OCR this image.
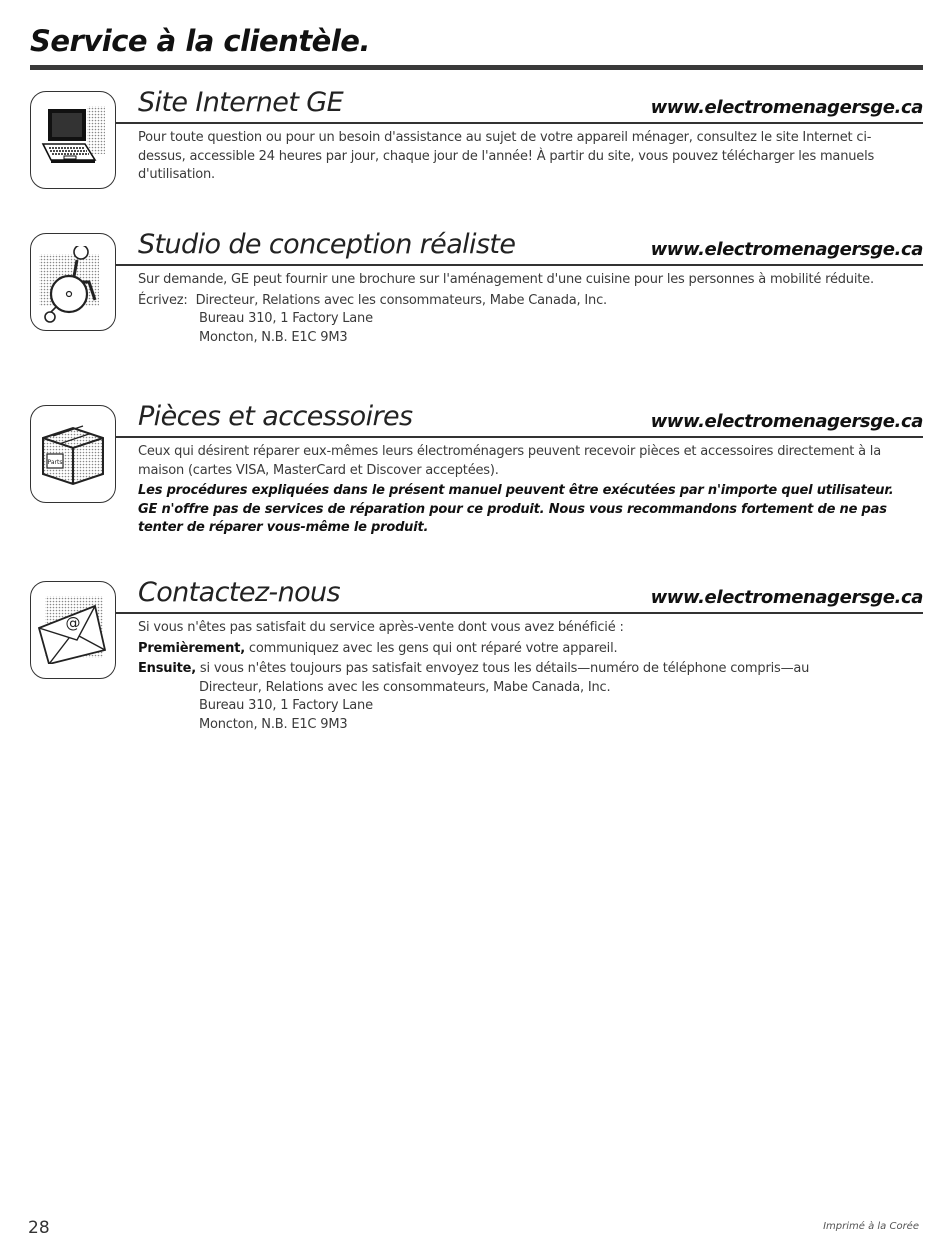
Service à la clientèle.
Site Internet GE	www.electromenagersge.ca

Pour toute question ou pour un besoin d'assistance au sujet de votre appareil ménager, consultez le site Internet ci-dessus, accessible 24 heures par jour, chaque jour de l'année! À partir du site, vous pouvez télécharger les manuels d'utilisation.

Studio de conception réaliste	www.electromenagersge.ca

Sur demande, GE peut fournir une brochure sur l'aménagement d'une cuisine pour les personnes à mobilité réduite.

Écrivez: Directeur, Relations avec les consommateurs, Mabe Canada, Inc.
Bureau 310, 1 Factory Lane
Moncton, N.B. E1C 9M3

Parts
Pièces et accessoires	www.electromenagersge.ca

Ceux qui désirent réparer eux-mêmes leurs électroménagers peuvent recevoir pièces et accessoires directement à la maison (cartes VISA, MasterCard et Discover acceptées).

Les procédures expliquées dans le présent manuel peuvent être exécutées par n'importe quel utilisateur. GE n'offre pas de services de réparation pour ce produit. Nous vous recommandons fortement de ne pas tenter de réparer vous-même le produit.

@
Contactez-nous	www.electromenagersge.ca

Si vous n'êtes pas satisfait du service après-vente dont vous avez bénéficié :

Premièrement, communiquez avec les gens qui ont réparé votre appareil.

Ensuite, si vous n'êtes toujours pas satisfait envoyez tous les détails—numéro de téléphone compris—au
Directeur, Relations avec les consommateurs, Mabe Canada, Inc.
Bureau 310, 1 Factory Lane
Moncton, N.B. E1C 9M3

28	Imprimé à la Corée
